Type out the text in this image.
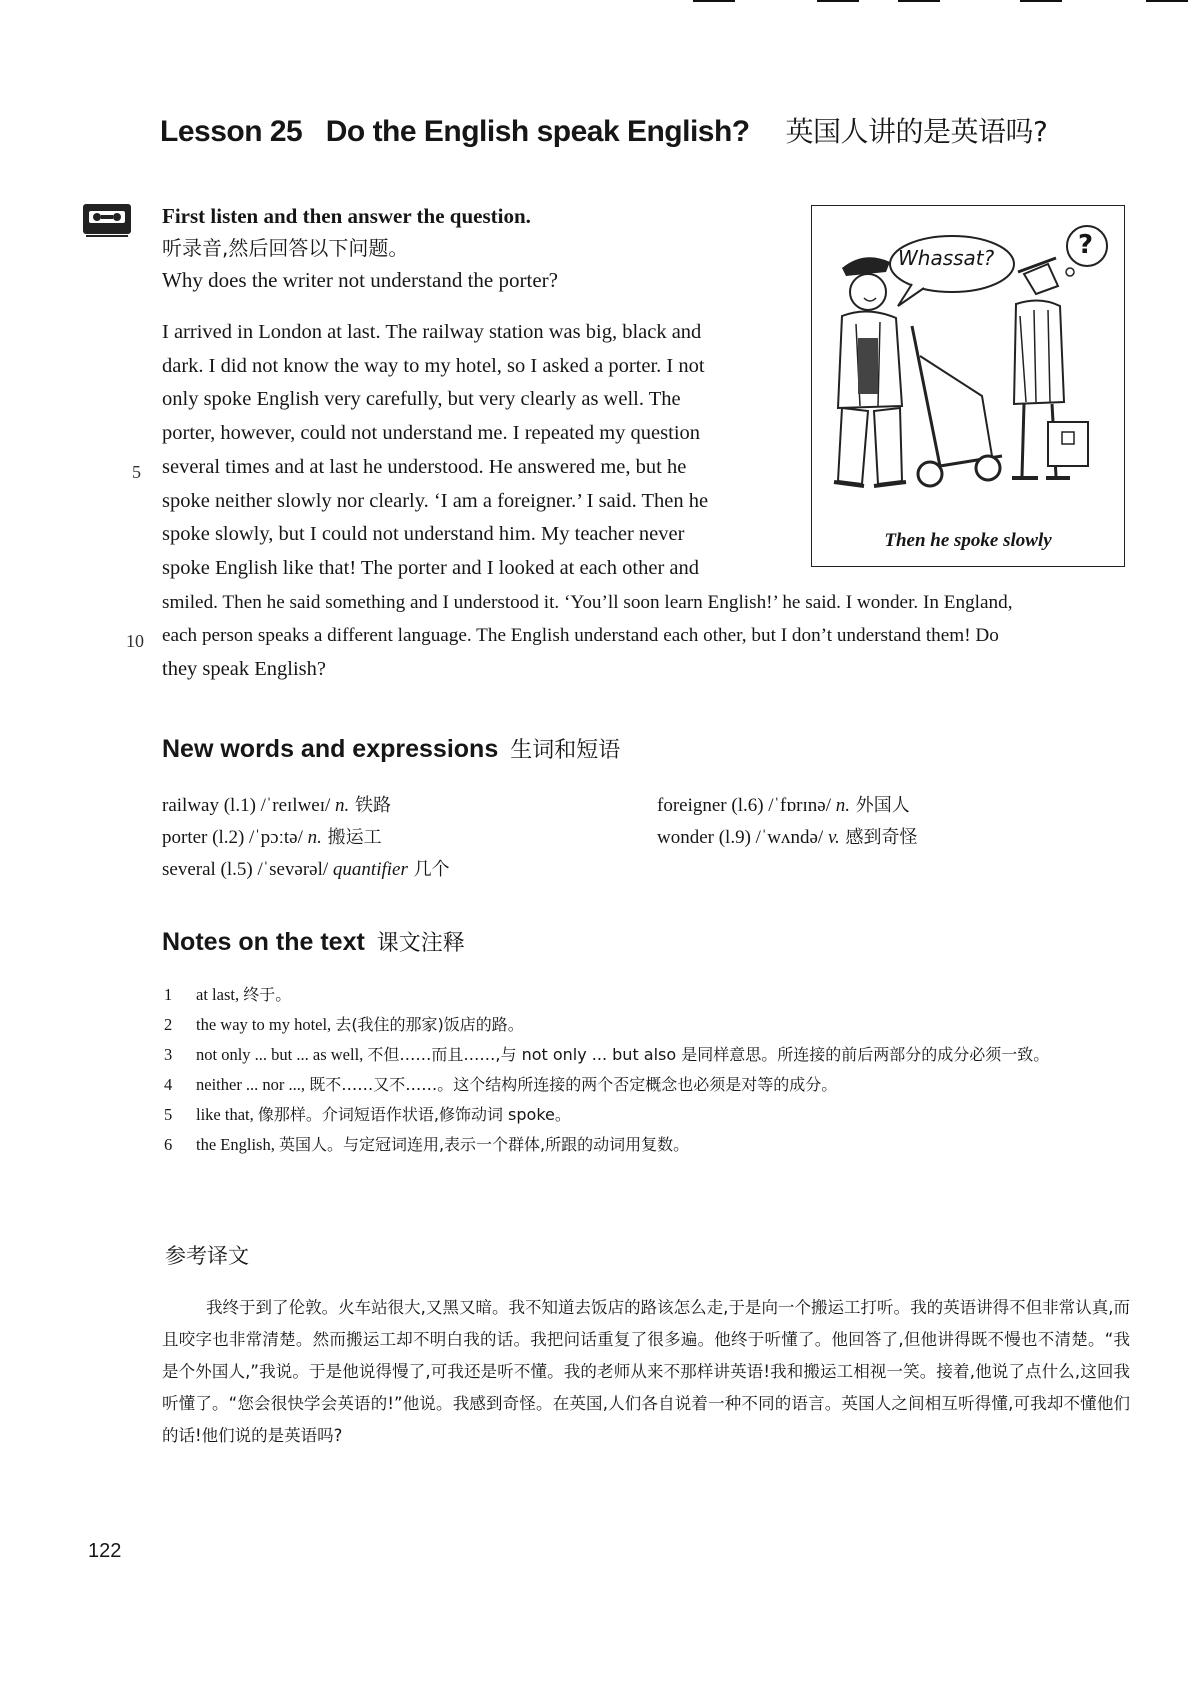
Lesson 25   Do the English speak English? 英国人讲的是英语吗?
First listen and then answer the question.
听录音,然后回答以下问题。
Why does the writer not understand the porter?
I arrived in London at last. The railway station was big, black and
dark. I did not know the way to my hotel, so I asked a porter. I not
only spoke English very carefully, but very clearly as well. The
porter, however, could not understand me. I repeated my question
several times and at last he understood. He answered me, but he
spoke neither slowly nor clearly. ‘I am a foreigner.’ I said. Then he
spoke slowly, but I could not understand him. My teacher never
spoke English like that! The porter and I looked at each other and
smiled. Then he said something and I understood it. ‘You’ll soon learn English!’ he said. I wonder. In England,
each person speaks a different language. The English understand each other, but I don’t understand them! Do
they speak English?
5
10
Whassat?	?
Then he spoke slowly
New words and expressions 生词和短语
railway (l.1) /ˈreɪlweɪ/ n. 铁路
porter (l.2) /ˈpɔːtə/ n. 搬运工
several (l.5) /ˈsevərəl/ quantifier 几个
foreigner (l.6) /ˈfɒrɪnə/ n. 外国人
wonder (l.9) /ˈwʌndə/ v. 感到奇怪
Notes on the text 课文注释
1 at last, 终于。
2 the way to my hotel, 去(我住的那家)饭店的路。
3 not only ... but ... as well, 不但……而且……,与 not only ... but also 是同样意思。所连接的前后两部分的成分必须一致。
4 neither ... nor ..., 既不……又不……。这个结构所连接的两个否定概念也必须是对等的成分。
5 like that, 像那样。介词短语作状语,修饰动词 spoke。
6 the English, 英国人。与定冠词连用,表示一个群体,所跟的动词用复数。
参考译文
我终于到了伦敦。火车站很大,又黑又暗。我不知道去饭店的路该怎么走,于是向一个搬运工打听。我的英语讲得不但非常认真,而且咬字也非常清楚。然而搬运工却不明白我的话。我把问话重复了很多遍。他终于听懂了。他回答了,但他讲得既不慢也不清楚。“我是个外国人,”我说。于是他说得慢了,可我还是听不懂。我的老师从来不那样讲英语!我和搬运工相视一笑。接着,他说了点什么,这回我听懂了。“您会很快学会英语的!”他说。我感到奇怪。在英国,人们各自说着一种不同的语言。英国人之间相互听得懂,可我却不懂他们的话!他们说的是英语吗?
122
